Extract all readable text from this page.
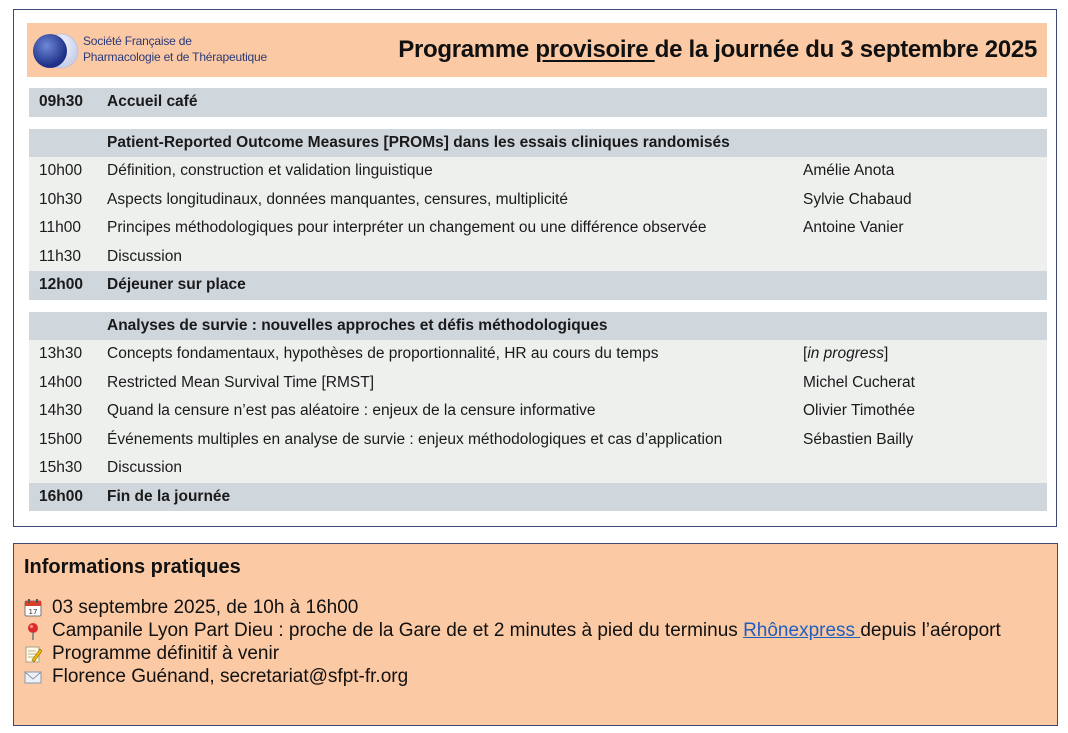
Société Française de
Pharmacologie et de Thérapeutique	Programme provisoire de la journée du 3 septembre 2025
09h30	Accueil café
Patient-Reported Outcome Measures [PROMs] dans les essais cliniques randomisés
10h00	Définition, construction et validation linguistique	Amélie Anota
10h30	Aspects longitudinaux, données manquantes, censures, multiplicité	Sylvie Chabaud
11h00	Principes méthodologiques pour interpréter un changement ou une différence observée	Antoine Vanier
11h30	Discussion
12h00	Déjeuner sur place
Analyses de survie : nouvelles approches et défis méthodologiques
13h30	Concepts fondamentaux, hypothèses de proportionnalité, HR au cours du temps	[in progress]
14h00	Restricted Mean Survival Time [RMST]	Michel Cucherat
14h30	Quand la censure n’est pas aléatoire : enjeux de la censure informative	Olivier Timothée
15h00	Événements multiples en analyse de survie : enjeux méthodologiques et cas d’application	Sébastien Bailly
15h30	Discussion
16h00	Fin de la journée
Informations pratiques
17 03 septembre 2025, de 10h à 16h00
Campanile Lyon Part Dieu : proche de la Gare de et 2 minutes à pied du terminus Rhônexpress depuis l’aéroport
Programme définitif à venir
Florence Guénand, secretariat@sfpt-fr.org
